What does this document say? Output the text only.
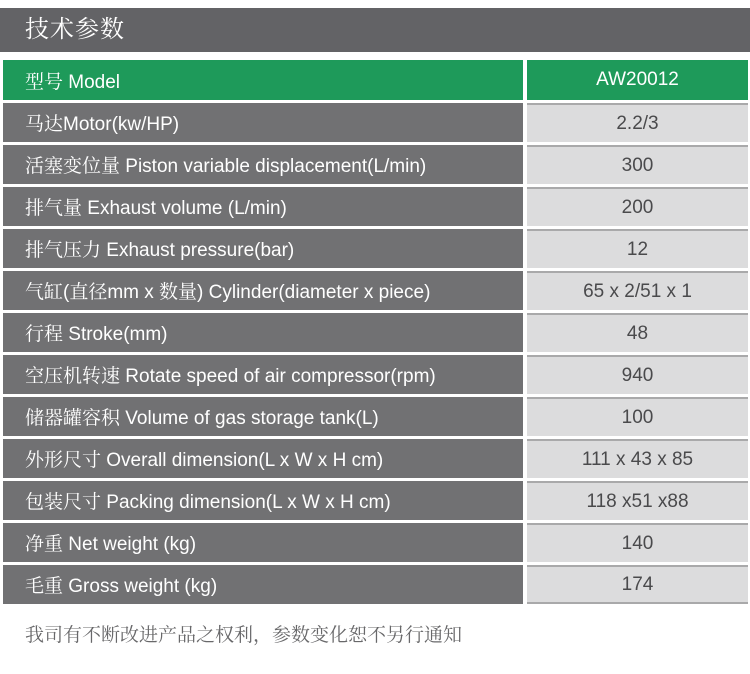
技术参数
型号 Model	AW20012
马达Motor(kw/HP)	2.2/3
活塞变位量 Piston variable displacement(L/min)	300
排气量 Exhaust volume (L/min)	200
排气压力 Exhaust pressure(bar)	12
气缸(直径mm x 数量) Cylinder(diameter x piece)	65 x 2/51 x 1
行程 Stroke(mm)	48
空压机转速 Rotate speed of air compressor(rpm)	940
储器罐容积 Volume of gas storage tank(L)	100
外形尺寸 Overall dimension(L x W x H cm)	111 x 43 x 85
包装尺寸 Packing dimension(L x W x H cm)	118 x51 x88
净重 Net weight (kg)	140
毛重 Gross weight (kg)	174
我司有不断改进产品之权利，参数变化恕不另行通知
